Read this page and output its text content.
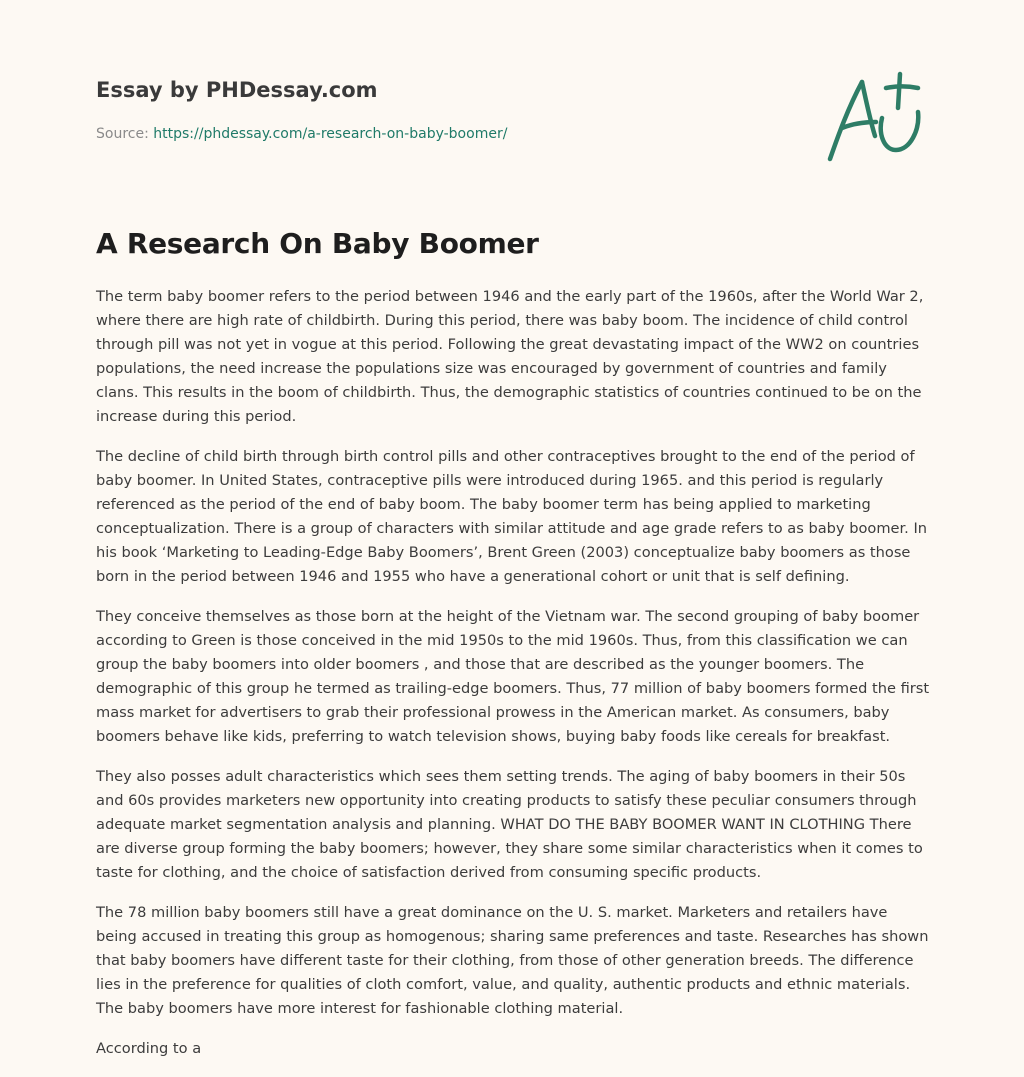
Essay by PHDessay.com
Source: https://phdessay.com/a-research-on-baby-boomer/
A Research On Baby Boomer

The term baby boomer refers to the period between 1946 and the early part of the 1960s, after the World War 2, where there are high rate of childbirth. During this period, there was baby boom. The incidence of child control through pill was not yet in vogue at this period. Following the great devastating impact of the WW2 on countries populations, the need increase the populations size was encouraged by government of countries and family clans. This results in the boom of childbirth. Thus, the demographic statistics of countries continued to be on the increase during this period.

The decline of child birth through birth control pills and other contraceptives brought to the end of the period of baby boomer. In United States, contraceptive pills were introduced during 1965. and this period is regularly referenced as the period of the end of baby boom. The baby boomer term has being applied to marketing conceptualization. There is a group of characters with similar attitude and age grade refers to as baby boomer. In his book ‘Marketing to Leading-Edge Baby Boomers’, Brent Green (2003) conceptualize baby boomers as those born in the period between 1946 and 1955 who have a generational cohort or unit that is self defining.

They conceive themselves as those born at the height of the Vietnam war. The second grouping of baby boomer according to Green is those conceived in the mid 1950s to the mid 1960s. Thus, from this classification we can group the baby boomers into older boomers , and those that are described as the younger boomers. The demographic of this group he termed as trailing-edge boomers. Thus, 77 million of baby boomers formed the first mass market for advertisers to grab their professional prowess in the American market. As consumers, baby boomers behave like kids, preferring to watch television shows, buying baby foods like cereals for breakfast.

They also posses adult characteristics which sees them setting trends. The aging of baby boomers in their 50s and 60s provides marketers new opportunity into creating products to satisfy these peculiar consumers through adequate market segmentation analysis and planning. WHAT DO THE BABY BOOMER WANT IN CLOTHING There are diverse group forming the baby boomers; however, they share some similar characteristics when it comes to taste for clothing, and the choice of satisfaction derived from consuming specific products.

The 78 million baby boomers still have a great dominance on the U. S. market. Marketers and retailers have being accused in treating this group as homogenous; sharing same preferences and taste. Researches has shown that baby boomers have different taste for their clothing, from those of other generation breeds. The difference lies in the preference for qualities of cloth comfort, value, and quality, authentic products and ethnic materials. The baby boomers have more interest for fashionable clothing material.

According to a
